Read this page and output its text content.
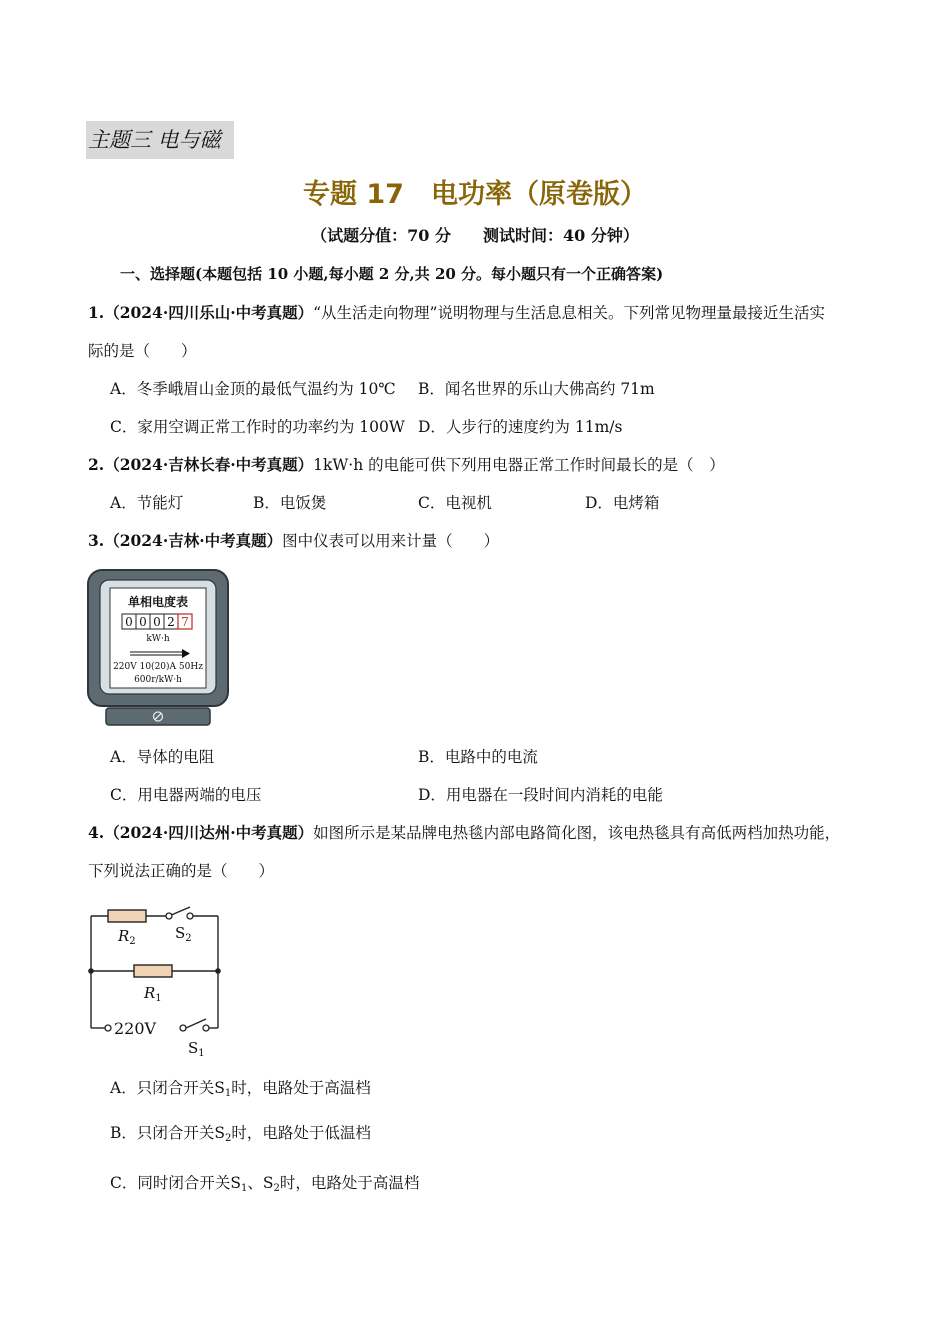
主题三 电与磁
专题 17　电功率（原卷版）
（试题分值：70 分　　测试时间：40 分钟）
一、选择题(本题包括 10 小题,每小题 2 分,共 20 分。每小题只有一个正确答案)
1.（2024·四川乐山·中考真题）“从生活走向物理”说明物理与生活息息相关。下列常见物理量最接近生活实
际的是（　　）
A．冬季峨眉山金顶的最低气温约为 10℃ B．闻名世界的乐山大佛高约 71m
C．家用空调正常工作时的功率约为 100W D．人步行的速度约为 11m/s
2.（2024·吉林长春·中考真题）1kW·h 的电能可供下列用电器正常工作时间最长的是（　）
A．节能灯	B．电饭煲	C．电视机	D．电烤箱
3.（2024·吉林·中考真题）图中仪表可以用来计量（　　）
单相电度表
0 0 0 2 7
kW·h
220V 10(20)A 50Hz
600r/kW·h
A．导体的电阻	B．电路中的电流
C．用电器两端的电压	D．用电器在一段时间内消耗的电能
4.（2024·四川达州·中考真题）如图所示是某品牌电热毯内部电路简化图，该电热毯具有高低两档加热功能，
下列说法正确的是（　　）
$R_2$	$S_2$
$R_1$
220V
$S_1$
A．只闭合开关$S_1$时，电路处于高温档
B．只闭合开关$S_2$时，电路处于低温档
C．同时闭合开关$S_1$、$S_2$时，电路处于高温档
